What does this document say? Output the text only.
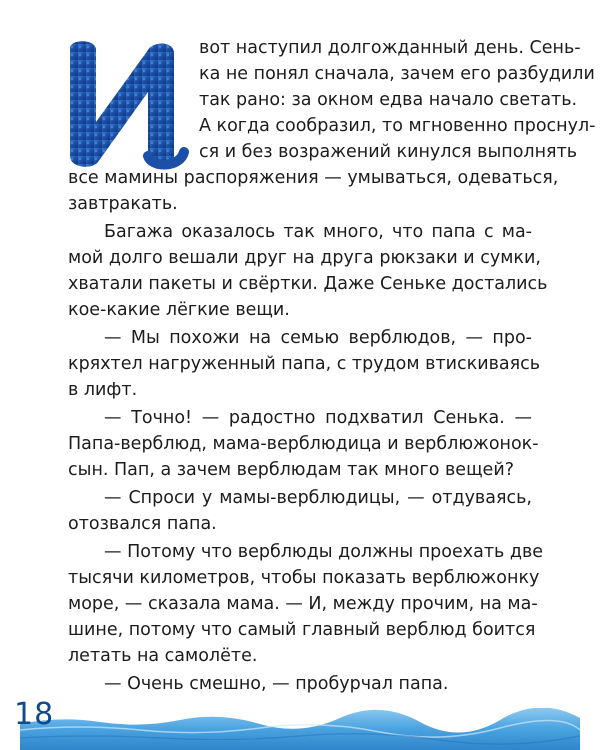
вот наступил долгожданный день. Сень-
ка не понял сначала, зачем его разбудили
так рано: за окном едва начало светать.
А когда сообразил, то мгновенно проснул-
ся и без возражений кинулся выполнять
все мамины распоряжения — умываться, одеваться,
завтракать.
Багажа оказалось так много, что папа с ма-
мой долго вешали друг на друга рюкзаки и сумки,
хватали пакеты и свёртки. Даже Сеньке достались
кое-какие лёгкие вещи.
— Мы похожи на семью верблюдов, — про-
кряхтел нагруженный папа, с трудом втискиваясь
в лифт.
— Точно! — радостно подхватил Сенька. —
Папа-верблюд, мама-верблюдица и верблюжонок-
сын. Пап, а зачем верблюдам так много вещей?
— Спроси у мамы-верблюдицы, — отдуваясь,
отозвался папа.
— Потому что верблюды должны проехать две
тысячи километров, чтобы показать верблюжонку
море, — сказала мама. — И, между прочим, на ма-
шине, потому что самый главный верблюд боится
летать на самолёте.
— Очень смешно, — пробурчал папа.
18
